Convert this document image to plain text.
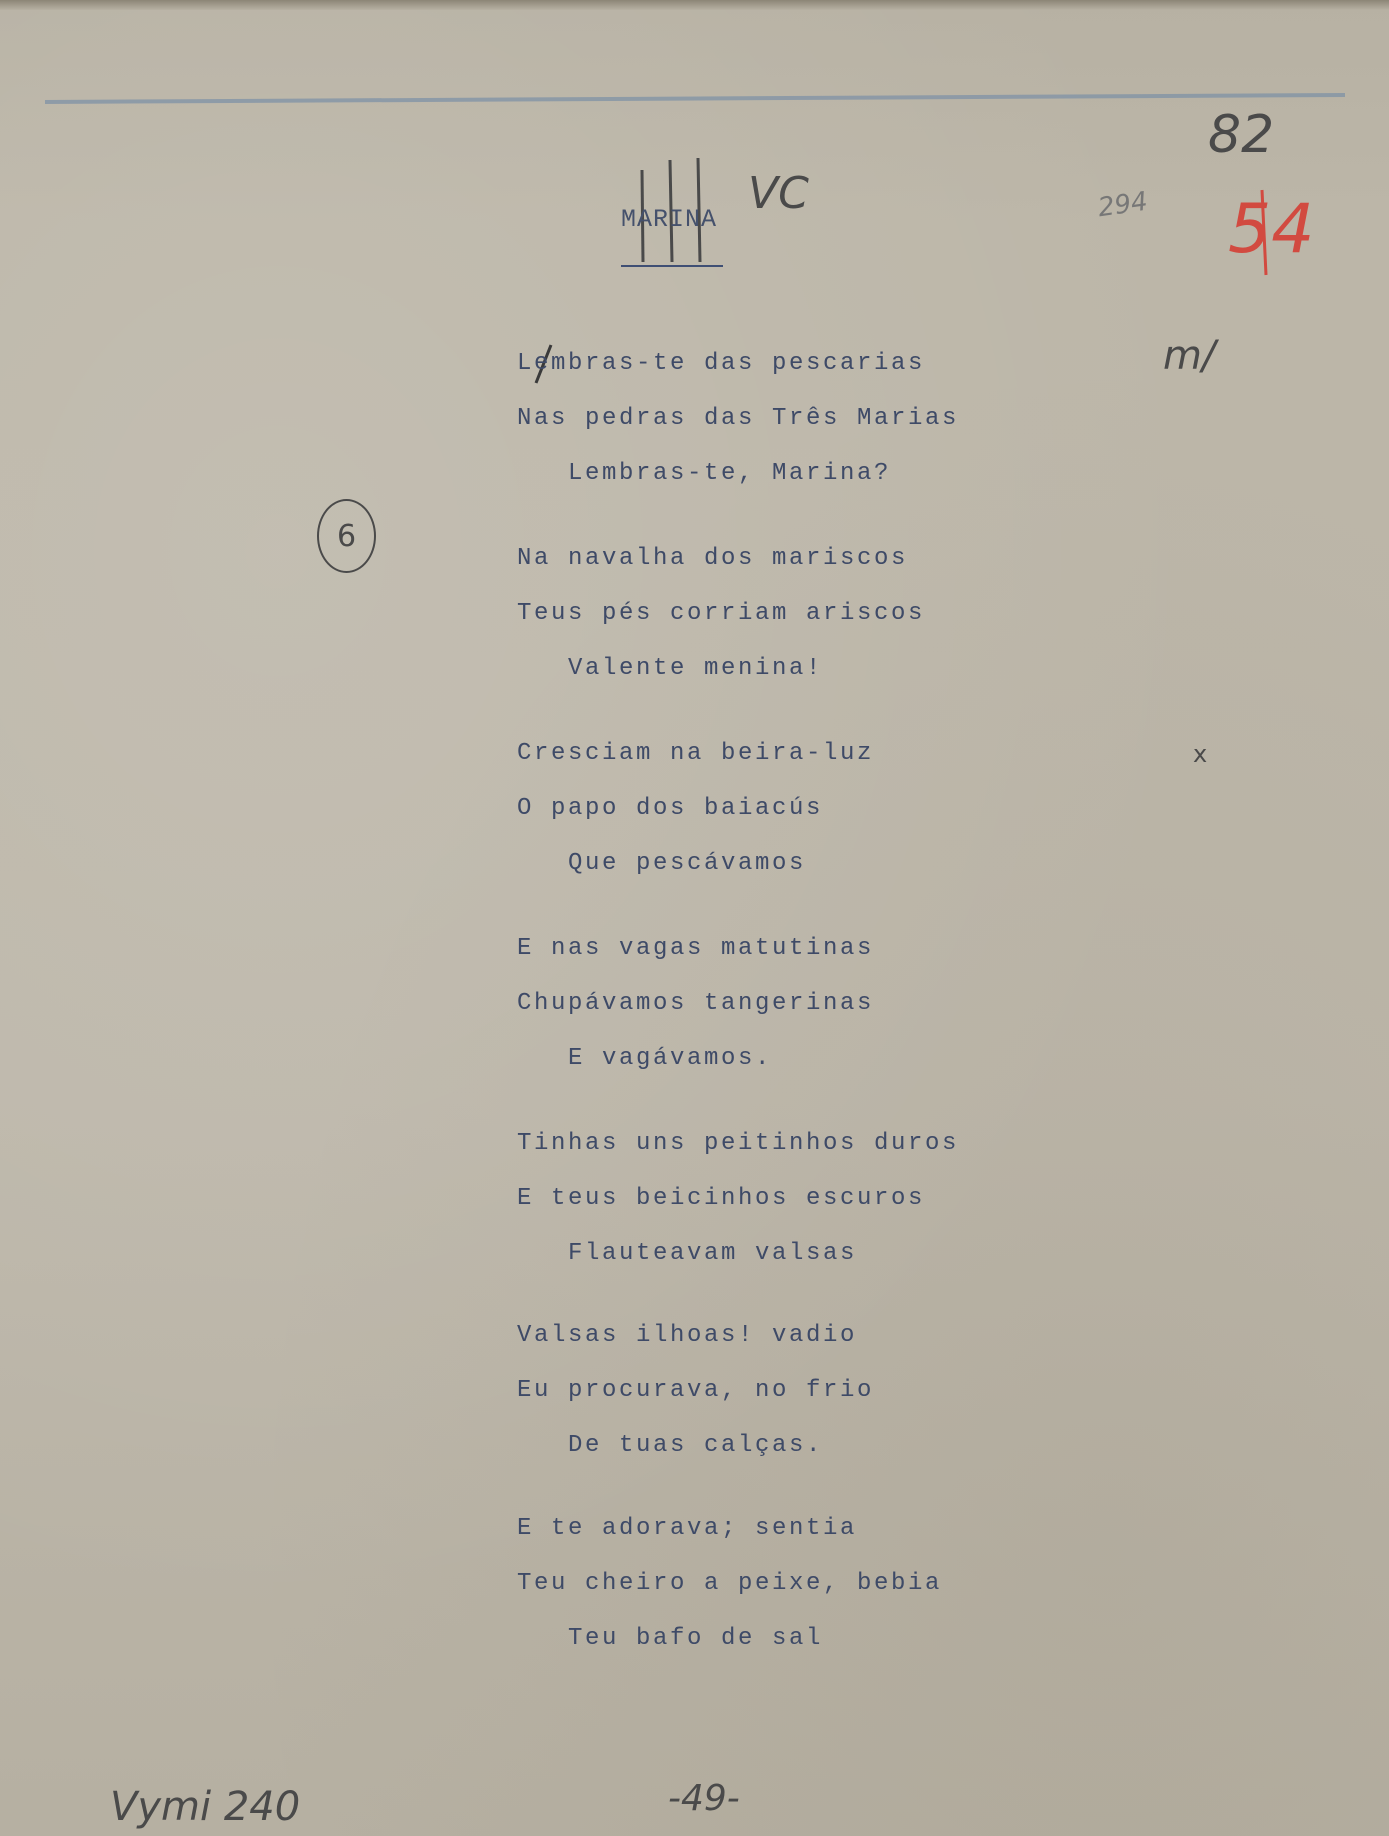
MARINA
VC
82
54
294
m/
x
6
Lembras-te das pescarias
Nas pedras das Três Marias
Lembras-te, Marina?
Na navalha dos mariscos
Teus pés corriam ariscos
Valente menina!
Cresciam na beira-luz
O papo dos baiacús
Que pescávamos
E nas vagas matutinas
Chupávamos tangerinas
E vagávamos.
Tinhas uns peitinhos duros
E teus beicinhos escuros
Flauteavam valsas
Valsas ilhoas! vadio
Eu procurava, no frio
De tuas calças.
E te adorava; sentia
Teu cheiro a peixe, bebia
Teu bafo de sal
-49-
Vymi 240
